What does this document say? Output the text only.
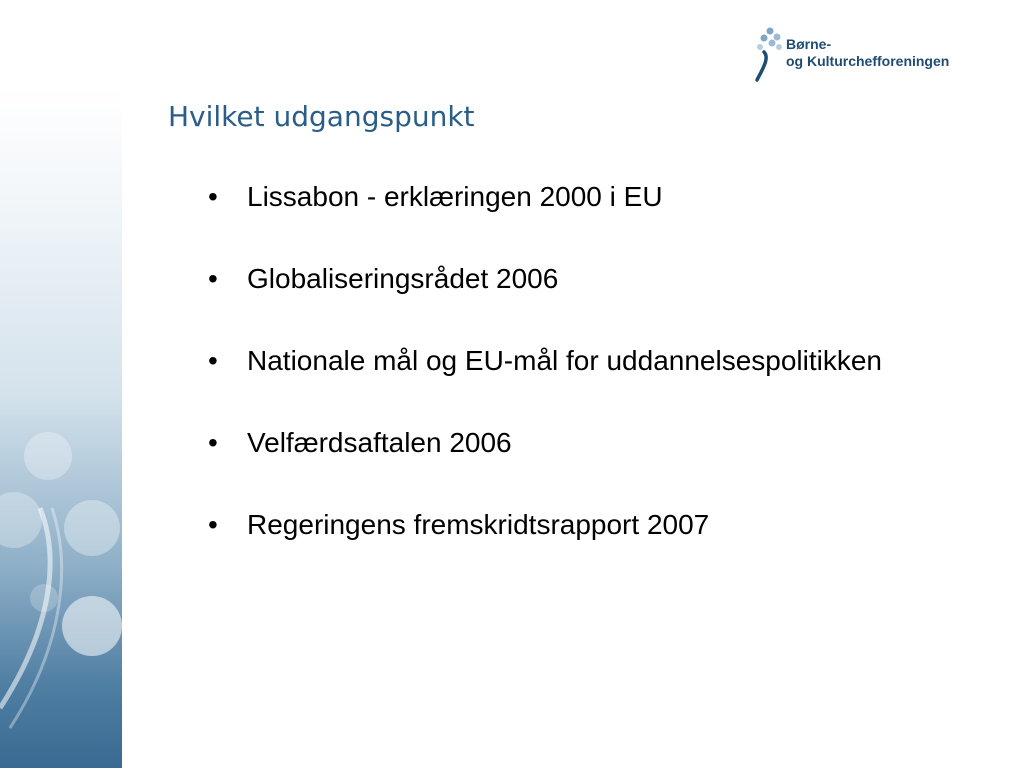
Børne-
og Kulturchefforeningen
Hvilket udgangspunkt
• Lissabon - erklæringen 2000 i EU
• Globaliseringsrådet 2006
• Nationale mål og EU-mål for uddannelsespolitikken
• Velfærdsaftalen 2006
• Regeringens fremskridtsrapport 2007
